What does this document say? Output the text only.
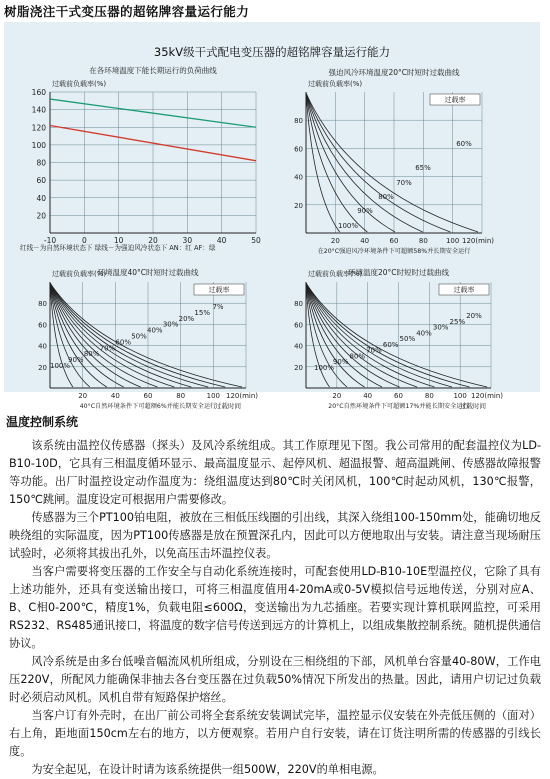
树脂浇注干式变压器的超铭牌容量运行能力
35kV级干式配电变压器的超铭牌容量运行能力
在各环境温度下能长期运行的负荷曲线
过载前负载率(%)
160
140
120
100
80
60
40
20
-10	0	10	20	30	40	50
红线－为自然环境状态下 绿线－为强迫风冷状态下 AN：红 AF：绿
强迫风冷环境温度20°C时短时过载曲线
过载前负载率(%)
80
60
40
20
20	40	60	80	100 120(min)
过载率
60%
65%
70%
80%
90%
100%
在20°C强迫风冷环境条件下可超额58%并长期安全运行
环境温度40°C时短时过载曲线
过载前负载率(%)
80
60
40
20
20	40	60	80	100 120(min)
过载率
7%
15%
20%
30%
40%
50%
60%
70%
80%
90%
100%
40°C自然环境条件下可超额6%并能长期安全运行
过载时间
环境温度20°C时短时过载曲线
过载前负载率(%)
80
60
40
20
20	40	60	80	100 120(min)
过载率
20%
25%
30%
40%
50%
60%
70%
80%
90%
100%
20°C自然环境条件下可超额17%并能长期安全运行
过载时间
温度控制系统

该系统由温控仪传感器（探头）及风冷系统组成。其工作原理见下图。我公司常用的配套温控仪为LD-B10-10D，它具有三相温度循环显示、最高温度显示、起停风机、超温报警、超高温跳闸、传感器故障报警等功能。出厂时温控设定动作温度为：绕组温度达到80℃时关闭风机，100℃时起动风机，130℃报警，150℃跳闸。温度设定可根据用户需要修改。

传感器为三个PT100铂电阻，被放在三相低压线圈的引出线，其深入绕组100-150mm处，能确切地反映绕组的实际温度，因为PT100传感器是放在预置深孔内，因此可以方便地取出与安装。请注意当现场耐压试验时，必须将其拔出孔外，以免高压击坏温控仪表。

当客户需要将变压器的工作安全与自动化系统连接时，可配套使用LD-B10-10E型温控仪，它除了具有上述功能外，还具有变送输出接口，可将三相温度值用4-20mA或0-5V模拟信号远地传送，分别对应A、B、C相0-200℃，精度1%，负载电阻≤600Ω，变送输出为九芯插座。若要实现计算机联网监控，可采用RS232、RS485通讯接口，将温度的数字信号传送到远方的计算机上，以组成集散控制系统。随机提供通信协议。

风冷系统是由多台低噪音幅流风机所组成，分别设在三相绕组的下部，风机单台容量40-80W，工作电压220V，所配风力能确保非抽去各台变压器在过负载50%情况下所发出的热量。因此，请用户切记过负载时必须启动风机。风机自带有短路保护熔丝。

当客户订有外壳时，在出厂前公司将全套系统安装调试完毕，温控显示仪安装在外壳低压侧的（面对）右上角，距地面150cm左右的地方，以方便观察。若用户自行安装，请在订货注明所需的传感器的引线长度。

为安全起见，在设计时请为该系统提供一组500W，220V的单相电源。
